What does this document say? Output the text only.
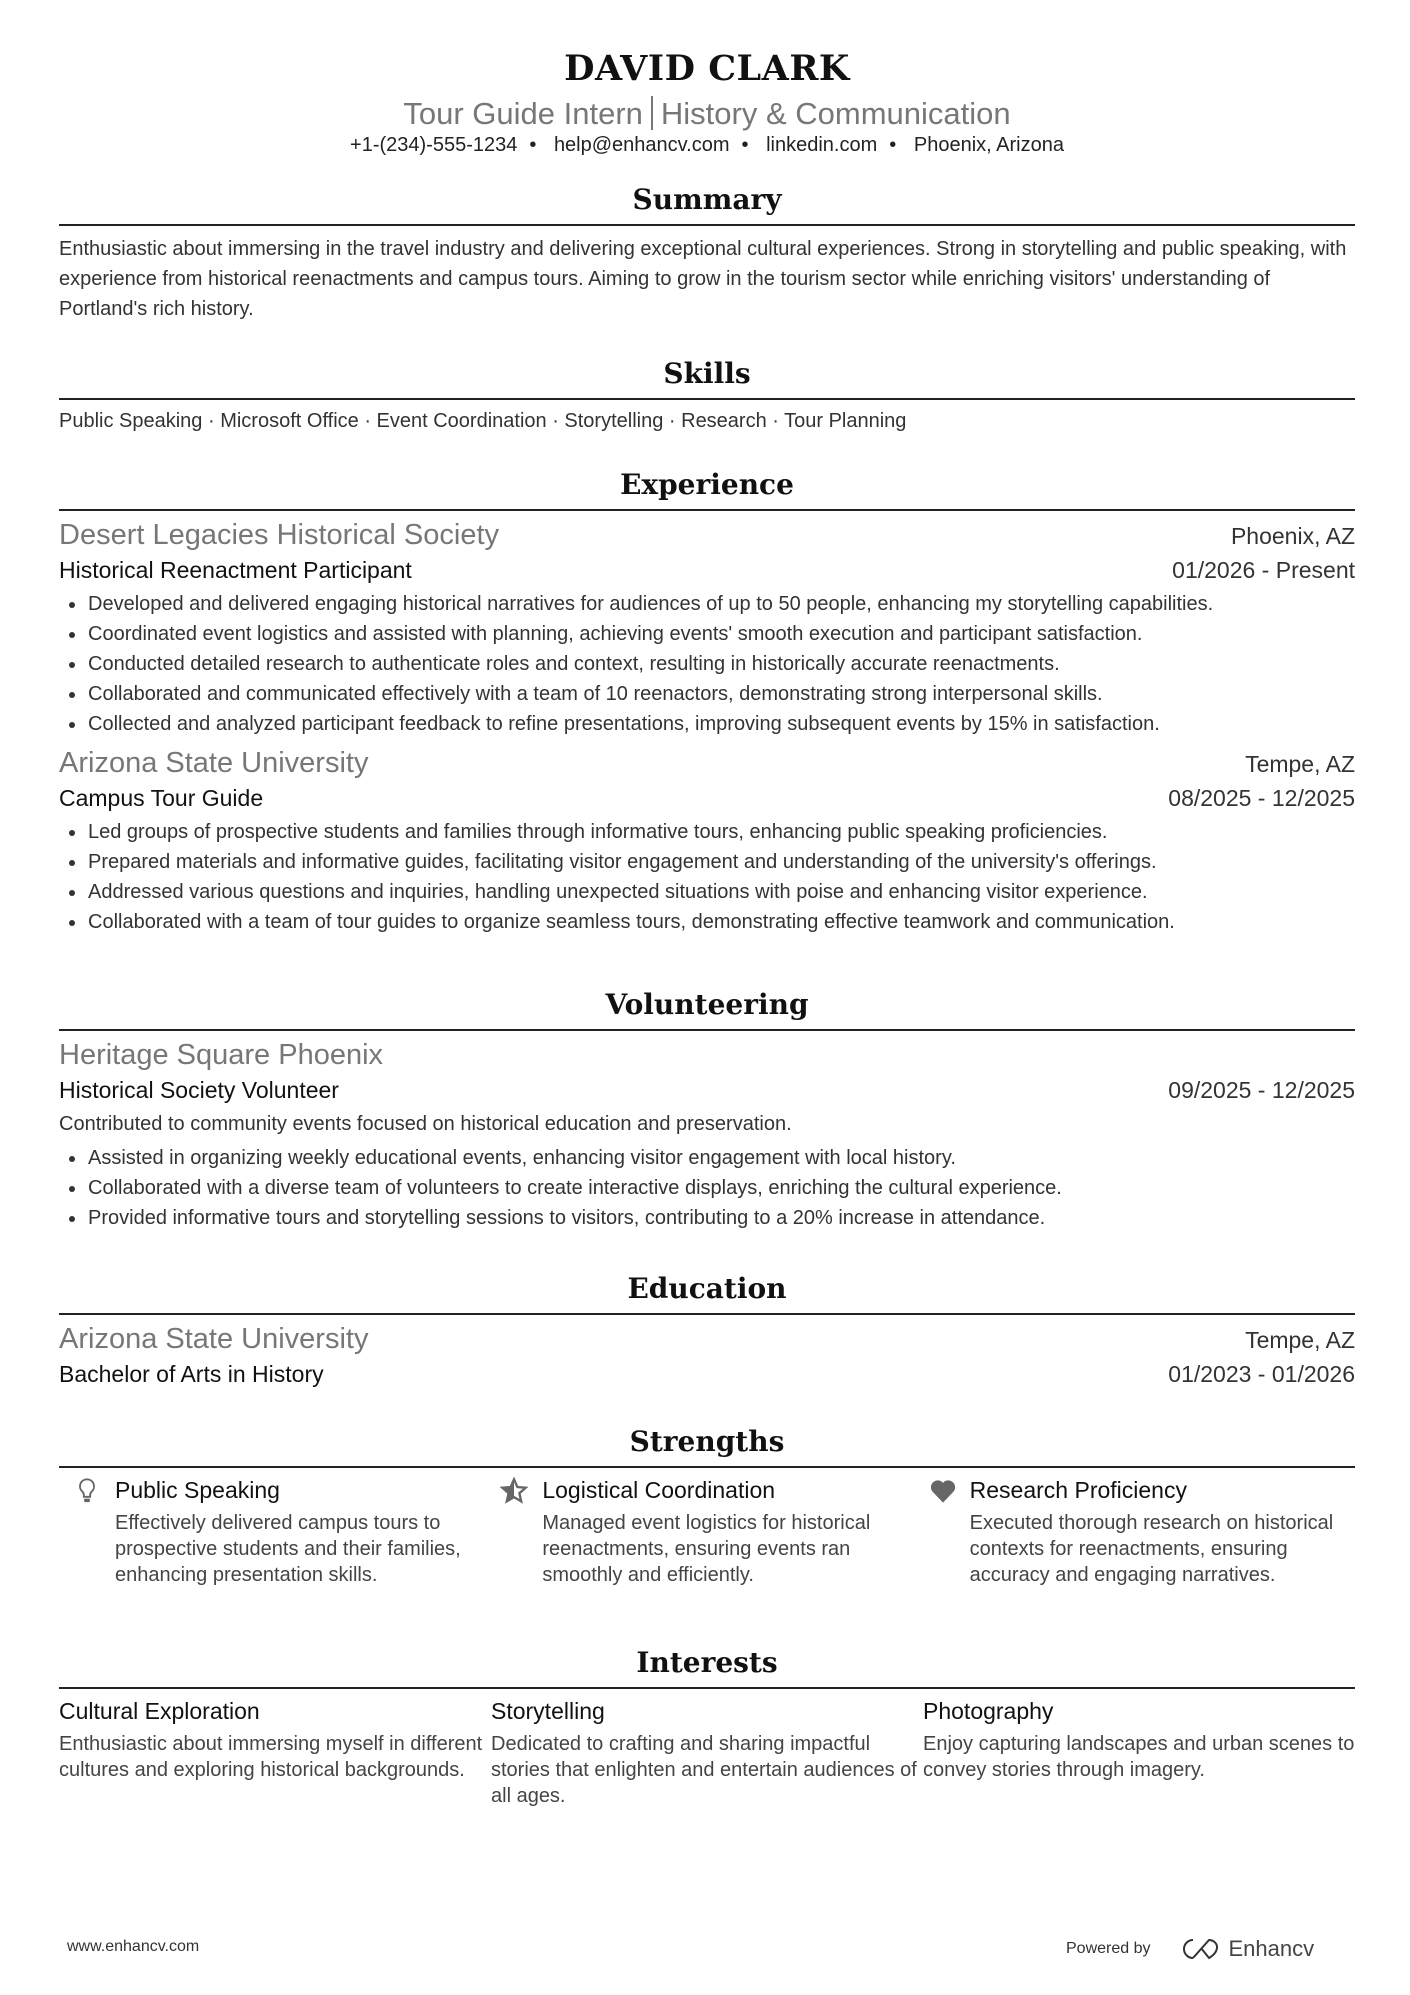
DAVID CLARK
Tour Guide Intern History & Communication
+1-(234)-555-1234 • help@enhancv.com • linkedin.com • Phoenix, Arizona
Summary
Enthusiastic about immersing in the travel industry and delivering exceptional cultural experiences. Strong in storytelling and public speaking, with experience from historical reenactments and campus tours. Aiming to grow in the tourism sector while enriching visitors' understanding of Portland's rich history.
Skills
Public Speaking · Microsoft Office · Event Coordination · Storytelling · Research · Tour Planning
Experience
Desert Legacies Historical Society	Phoenix, AZ
Historical Reenactment Participant	01/2026 - Present
Developed and delivered engaging historical narratives for audiences of up to 50 people, enhancing my storytelling capabilities.
Coordinated event logistics and assisted with planning, achieving events' smooth execution and participant satisfaction.
Conducted detailed research to authenticate roles and context, resulting in historically accurate reenactments.
Collaborated and communicated effectively with a team of 10 reenactors, demonstrating strong interpersonal skills.
Collected and analyzed participant feedback to refine presentations, improving subsequent events by 15% in satisfaction.
Arizona State University	Tempe, AZ
Campus Tour Guide	08/2025 - 12/2025
Led groups of prospective students and families through informative tours, enhancing public speaking proficiencies.
Prepared materials and informative guides, facilitating visitor engagement and understanding of the university's offerings.
Addressed various questions and inquiries, handling unexpected situations with poise and enhancing visitor experience.
Collaborated with a team of tour guides to organize seamless tours, demonstrating effective teamwork and communication.
Volunteering
Heritage Square Phoenix
Historical Society Volunteer	09/2025 - 12/2025
Contributed to community events focused on historical education and preservation.
Assisted in organizing weekly educational events, enhancing visitor engagement with local history.
Collaborated with a diverse team of volunteers to create interactive displays, enriching the cultural experience.
Provided informative tours and storytelling sessions to visitors, contributing to a 20% increase in attendance.
Education
Arizona State University	Tempe, AZ
Bachelor of Arts in History	01/2023 - 01/2026
Strengths
Public Speaking
Effectively delivered campus tours to prospective students and their families, enhancing presentation skills.
Logistical Coordination
Managed event logistics for historical reenactments, ensuring events ran smoothly and efficiently.
Research Proficiency
Executed thorough research on historical contexts for reenactments, ensuring accuracy and engaging narratives.
Interests
Cultural Exploration
Enthusiastic about immersing myself in different cultures and exploring historical backgrounds.
Storytelling
Dedicated to crafting and sharing impactful stories that enlighten and entertain audiences of all ages.
Photography
Enjoy capturing landscapes and urban scenes to convey stories through imagery.
www.enhancv.com	Powered by	Enhancv
